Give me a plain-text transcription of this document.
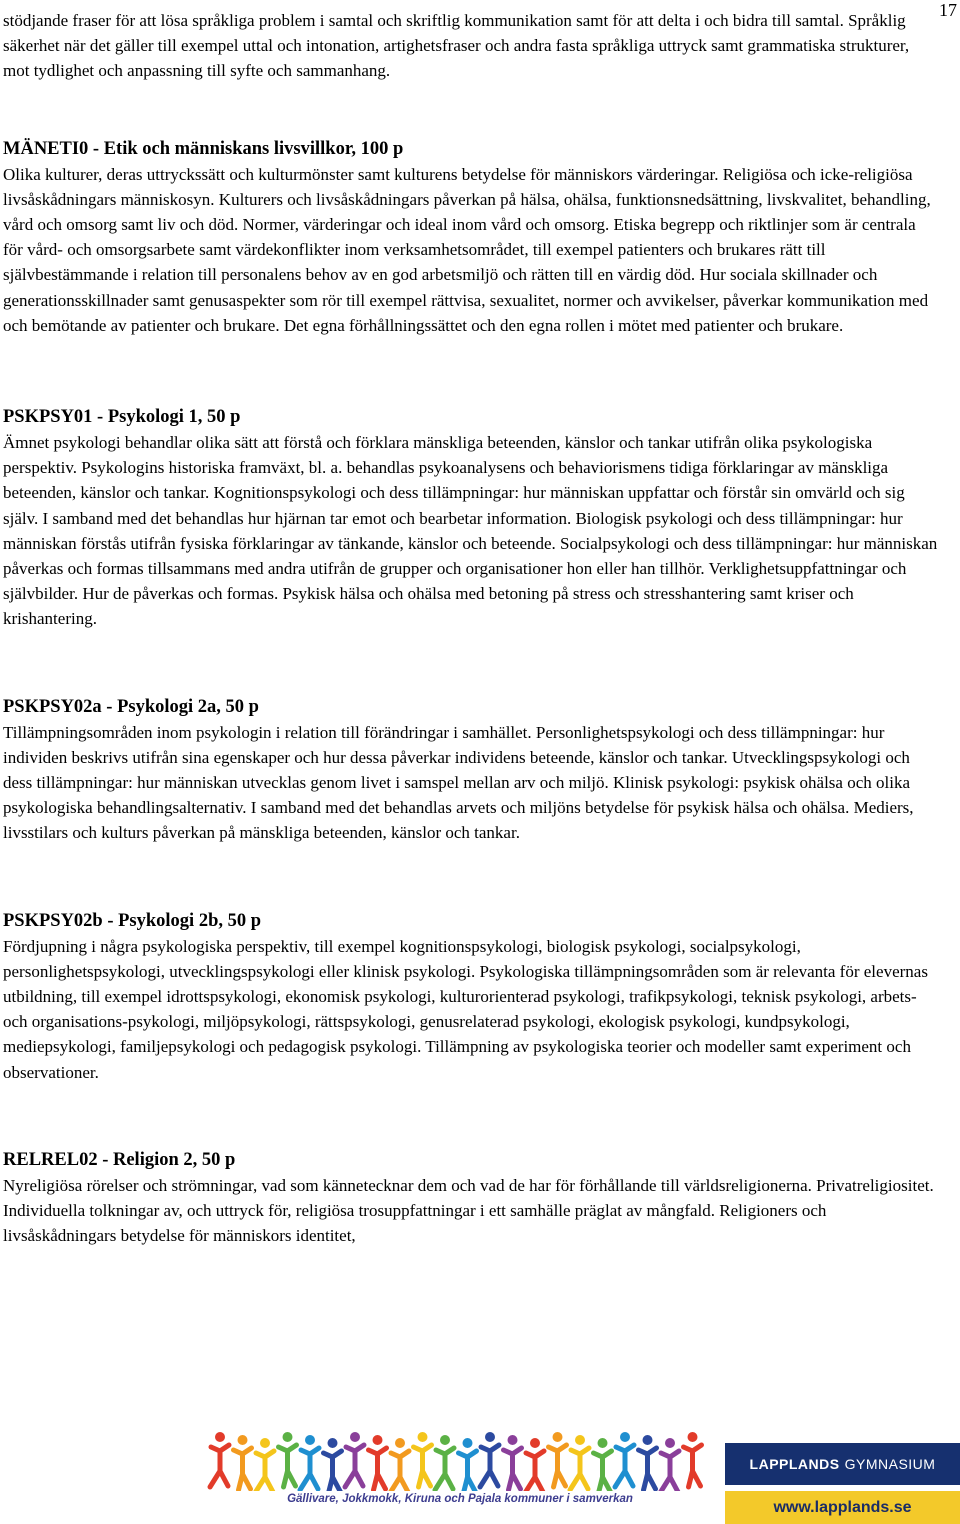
17

stödjande fraser för att lösa språkliga problem i samtal och skriftlig kommunikation samt för att delta i och bidra till samtal. Språklig säkerhet när det gäller till exempel uttal och intonation, artighetsfraser och andra fasta språkliga uttryck samt grammatiska strukturer, mot tydlighet och anpassning till syfte och sammanhang.

MÄNETI0 - Etik och människans livsvillkor, 100 p

Olika kulturer, deras uttryckssätt och kulturmönster samt kulturens betydelse för människors värderingar. Religiösa och icke-religiösa livsåskådningars människosyn. Kulturers och livsåskådningars påverkan på hälsa, ohälsa, funktionsnedsättning, livskvalitet, behandling, vård och omsorg samt liv och död. Normer, värderingar och ideal inom vård och omsorg. Etiska begrepp och riktlinjer som är centrala för vård- och omsorgsarbete samt värdekonflikter inom verksamhetsområdet, till exempel patienters och brukares rätt till självbestämmande i relation till personalens behov av en god arbetsmiljö och rätten till en värdig död. Hur sociala skillnader och generationsskillnader samt genusaspekter som rör till exempel rättvisa, sexualitet, normer och avvikelser, påverkar kommunikation med och bemötande av patienter och brukare. Det egna förhållningssättet och den egna rollen i mötet med patienter och brukare.

PSKPSY01 - Psykologi 1, 50 p

Ämnet psykologi behandlar olika sätt att förstå och förklara mänskliga beteenden, känslor och tankar utifrån olika psykologiska perspektiv. Psykologins historiska framväxt, bl. a. behandlas psykoanalysens och behaviorismens tidiga förklaringar av mänskliga beteenden, känslor och tankar. Kognitionspsykologi och dess tillämpningar: hur människan uppfattar och förstår sin omvärld och sig själv. I samband med det behandlas hur hjärnan tar emot och bearbetar information. Biologisk psykologi och dess tillämpningar: hur människan förstås utifrån fysiska förklaringar av tänkande, känslor och beteende. Socialpsykologi och dess tillämpningar: hur människan påverkas och formas tillsammans med andra utifrån de grupper och organisationer hon eller han tillhör. Verklighetsuppfattningar och självbilder. Hur de påverkas och formas. Psykisk hälsa och ohälsa med betoning på stress och stresshantering samt kriser och krishantering.

PSKPSY02a - Psykologi 2a, 50 p

Tillämpningsområden inom psykologin i relation till förändringar i samhället. Personlighetspsykologi och dess tillämpningar: hur individen beskrivs utifrån sina egenskaper och hur dessa påverkar individens beteende, känslor och tankar. Utvecklingspsykologi och dess tillämpningar: hur människan utvecklas genom livet i samspel mellan arv och miljö. Klinisk psykologi: psykisk ohälsa och olika psykologiska behandlingsalternativ. I samband med det behandlas arvets och miljöns betydelse för psykisk hälsa och ohälsa. Mediers, livsstilars och kulturs påverkan på mänskliga beteenden, känslor och tankar.

PSKPSY02b - Psykologi 2b, 50 p

Fördjupning i några psykologiska perspektiv, till exempel kognitionspsykologi, biologisk psykologi, socialpsykologi, personlighetspsykologi, utvecklingspsykologi eller klinisk psykologi. Psykologiska tillämpningsområden som är relevanta för elevernas utbildning, till exempel idrottspsykologi, ekonomisk psykologi, kulturorienterad psykologi, trafikpsykologi, teknisk psykologi, arbets- och organisations-psykologi, miljöpsykologi, rättspsykologi, genusrelaterad psykologi, ekologisk psykologi, kundpsykologi, mediepsykologi, familjepsykologi och pedagogisk psykologi. Tillämpning av psykologiska teorier och modeller samt experiment och observationer.

RELREL02 - Religion 2, 50 p

Nyreligiösa rörelser och strömningar, vad som kännetecknar dem och vad de har för förhållande till världsreligionerna. Privatreligiositet. Individuella tolkningar av, och uttryck för, religiösa trosuppfattningar i ett samhälle präglat av mångfald. Religioners och livsåskådningars betydelse för människors identitet,

Gällivare, Jokkmokk, Kiruna och Pajala kommuner i samverkan
LAPPLANDS GYMNASIUM
www.lapplands.se
